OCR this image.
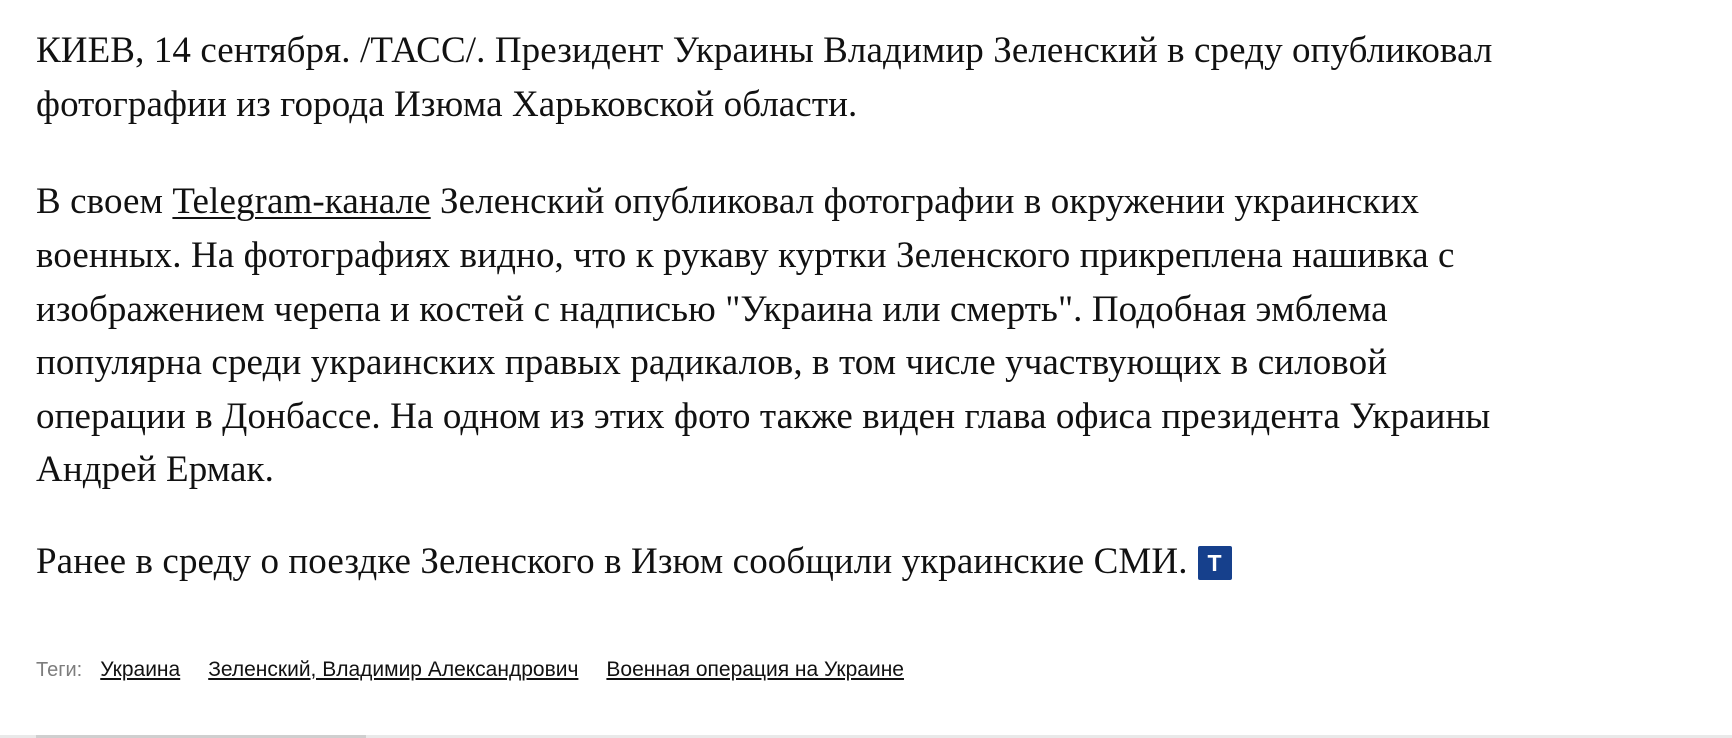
КИЕВ, 14 сентября. /ТАСС/. Президент Украины Владимир Зеленский в среду опубликовал фотографии из города Изюма Харьковской области.

В своем Telegram-канале Зеленский опубликовал фотографии в окружении украинских военных. На фотографиях видно, что к рукаву куртки Зеленского прикреплена нашивка с изображением черепа и костей с надписью "Украина или смерть". Подобная эмблема популярна среди украинских правых радикалов, в том числе участвующих в силовой операции в Донбассе. На одном из этих фото также виден глава офиса президента Украины Андрей Ермак.

Ранее в среду о поездке Зеленского в Изюм сообщили украинские СМИ. Т

Теги: Украина Зеленский, Владимир Александрович Военная операция на Украине
